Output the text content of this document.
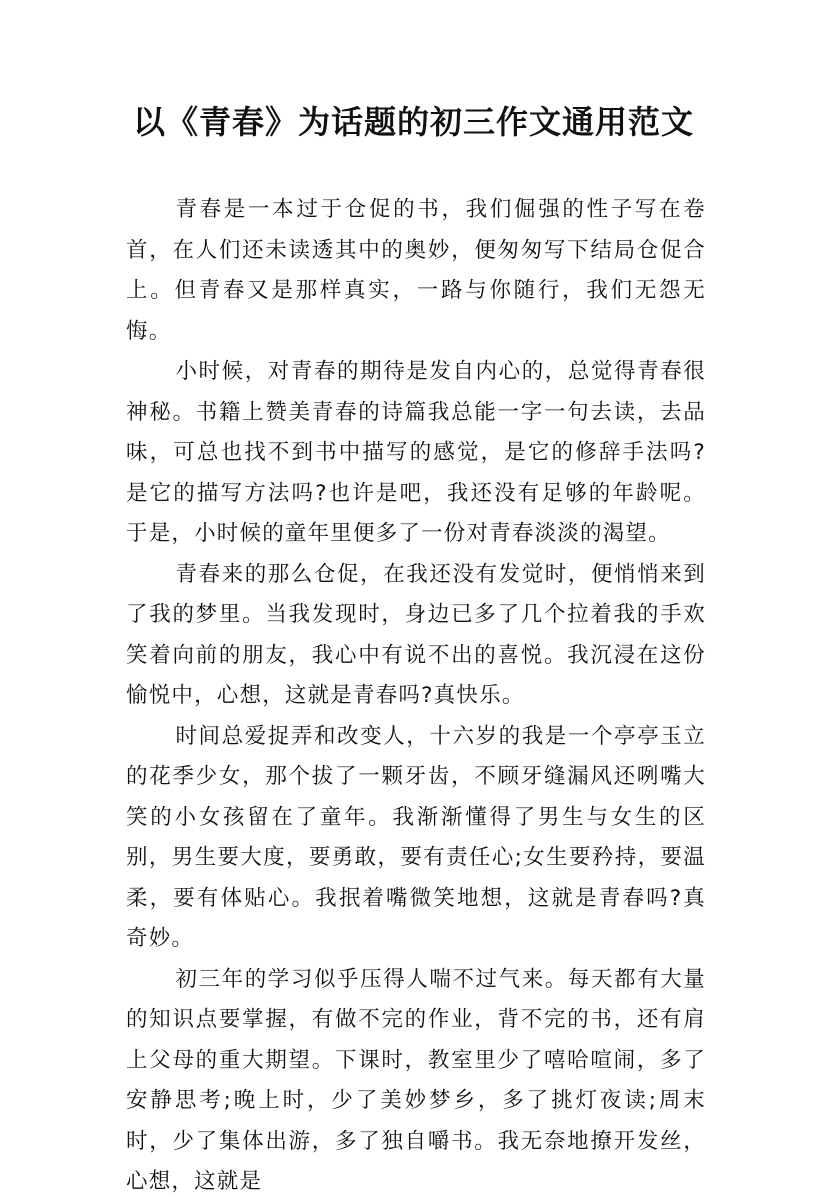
以《青春》为话题的初三作文通用范文

青春是一本过于仓促的书，我们倔强的性子写在卷首，在人们还未读透其中的奥妙，便匆匆写下结局仓促合上。但青春又是那样真实，一路与你随行，我们无怨无悔。

小时候，对青春的期待是发自内心的，总觉得青春很神秘。书籍上赞美青春的诗篇我总能一字一句去读，去品味，可总也找不到书中描写的感觉，是它的修辞手法吗?是它的描写方法吗?也许是吧，我还没有足够的年龄呢。于是，小时候的童年里便多了一份对青春淡淡的渴望。

青春来的那么仓促，在我还没有发觉时，便悄悄来到了我的梦里。当我发现时，身边已多了几个拉着我的手欢笑着向前的朋友，我心中有说不出的喜悦。我沉浸在这份愉悦中，心想，这就是青春吗?真快乐。

时间总爱捉弄和改变人，十六岁的我是一个亭亭玉立的花季少女，那个拔了一颗牙齿，不顾牙缝漏风还咧嘴大笑的小女孩留在了童年。我渐渐懂得了男生与女生的区别，男生要大度，要勇敢，要有责任心;女生要矜持，要温柔，要有体贴心。我抿着嘴微笑地想，这就是青春吗?真奇妙。

初三年的学习似乎压得人喘不过气来。每天都有大量的知识点要掌握，有做不完的作业，背不完的书，还有肩上父母的重大期望。下课时，教室里少了嘻哈喧闹，多了安静思考;晚上时，少了美妙梦乡，多了挑灯夜读;周末时，少了集体出游，多了独自嚼书。我无奈地撩开发丝，心想，这就是
